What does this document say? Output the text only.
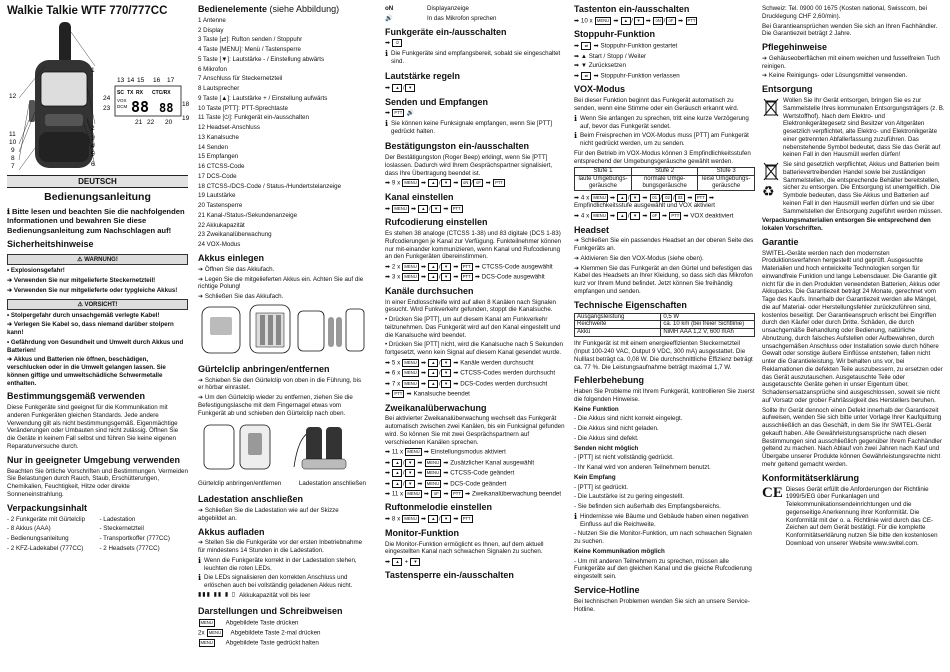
Walkie Talkie WTF 770/777CC
SC TX RX CTC/RX
VOX
DCM 88 88
1
2
3
4
5
6
7
8
9
10
11
12
13 14 15 16 17
18
19
20
21 22
23
24
DEUTSCH
Bedienungsanleitung
ℹ Bitte lesen und beachten Sie die nachfolgenden Informationen und bewahren Sie diese Bedienungsanleitung zum Nachschlagen auf!
Sicherheitshinweise
⚠ WARNUNG!
• Explosionsgefahr!
➔ Verwenden Sie nur mitgelieferte Steckernetzteil!
➔ Verwenden Sie nur mitgelieferte oder typgleiche Akkus!
⚠ VORSICHT!
• Stolpergefahr durch unsachgemäß verlegte Kabel!
➔ Verlegen Sie Kabel so, dass niemand darüber stolpern kann!
• Gefährdung von Gesundheit und Umwelt durch Akkus und Batterien!
➔ Akkus und Batterien nie öffnen, beschädigen, verschlucken oder in die Umwelt gelangen lassen. Sie können giftige und umweltschädliche Schwermetalle enthalten.
Bestimmungsgemäß verwenden

Diese Funkgeräte sind geeignet für die Kommunikation mit anderen Funkgeräten gleichen Standards. Jede andere Verwendung gilt als nicht bestimmungsgemäß. Eigenmächtige Veränderungen oder Umbauten sind nicht zulässig. Öffnen Sie die Geräte in keinem Fall selbst und führen Sie keine eigenen Reparaturversuche durch.

Nur in geeigneter Umgebung verwenden

Beachten Sie örtliche Vorschriften und Bestimmungen. Vermeiden Sie Belastungen durch Rauch, Staub, Erschütterungen, Chemikalien, Feuchtigkeit, Hitze oder direkte Sonneneinstrahlung.

Verpackungsinhalt
- 2 Funkgeräte mit Gürtelclip
- 8 Akkus (AAA)
- Bedienungsanleitung
- 2 KFZ-Ladekabel (777CC)
- Ladestation
- Steckernetzteil
- Transportkoffer (777CC)
- 2 Headsets (777CC)
Bedienelemente (siehe Abbildung)
1 Antenne
2 Display
3 Taste [⇄]: Rufton senden / Stoppuhr
4 Taste [MENU]: Menü / Tastensperre
5 Taste [▼]: Lautstärke - / Einstellung abwärts
6 Mikrofon
7 Anschluss für Steckernetzteil
8 Lautsprecher
9 Taste [▲]: Lautstärke + / Einstellung aufwärts
10 Taste [PTT]: PTT-Sprechtaste
11 Taste [⏻]: Funkgerät ein-/ausschalten
12 Headset-Anschluss
13 Kanalsuche
14 Senden
15 Empfangen
16 CTCSS-Code
17 DCS-Code
18 CTCSS-/DCS-Code / Status-/Hundertstelanzeige
19 Lautstärke
20 Tastensperre
21 Kanal-/Status-/Sekundenanzeige
22 Akkukapazität
23 Zweikanalüberwachung
24 VOX-Modus
Akkus einlegen
➔ Öffnen Sie das Akkufach.
➔ Legen Sie die mitgelieferten Akkus ein. Achten Sie auf die richtige Polung!
➔ Schließen Sie das Akkufach.
Gürtelclip anbringen/entfernen
➔ Schieben Sie den Gürtelclip von oben in die Führung, bis er hörbar einrastet.
➔ Um den Gürtelclip wieder zu entfernen, ziehen Sie die Befestigungslasche mit dem Fingernagel etwas vom Funkgerät ab und schieben den Gürtelclip nach oben.
Gürtelclip anbringen/entfernen	Ladestation anschließen
Ladestation anschließen

➔ Schließen Sie die Ladestation wie auf der Skizze abgebildet an.

Akkus aufladen

➔ Stellen Sie die Funkgeräte vor der ersten Inbetriebnahme für mindestens 14 Stunden in die Ladestation.

ℹ Wenn die Funkgeräte korrekt in der Ladestation stehen, leuchten die roten LEDs.

ℹ Die LEDs signalisieren den korrekten Anschluss und erlöschen auch bei vollständig geladenen Akkus nicht.

▮▮▮ ▮▮ ▮ ▯ Akkukapazität voll bis leer

Darstellungen und Schreibweisen
MENU Abgebildete Taste drücken
2x MENU Abgebildete Taste 2-mal drücken
MENU Abgebildete Taste gedrückt halten
oN	Displayanzeige
🔊	In das Mikrofon sprechen
Funkgeräte ein-/ausschalten
➡ ⏻
ℹ Die Funkgeräte sind empfangsbereit, sobald sie eingeschaltet sind.

Lautstärke regeln
➡ ▲ / ▼
Senden und Empfangen
➡ PTT 🔊
ℹ Sie können keine Funksignale empfangen, wenn Sie [PTT] gedrückt halten.

Bestätigungston ein-/ausschalten

Der Bestätigungston (Roger Beep) erklingt, wenn Sie [PTT] loslassen. Dadurch wird Ihrem Gesprächspartner signalisiert, dass Ihre Übertragung beendet ist.

➡ 9 x MENU ➡ ▲ / ▼ ➡ oN / oF ➡ PTT
Kanal einstellen
➡ MENU ➡ ▲ / ▼ ➡ PTT
Rufcodierung einstellen

Es stehen 38 analoge (CTCSS 1-38) und 83 digitale (DCS 1-83) Rufcodierungen je Kanal zur Verfügung. Funkteilnehmer können nur mit-einander kommunizieren, wenn Kanal und Rufcodierung an den Funkgeräten übereinstimmen.

➡ 2 x MENU ➡ ▲ / ▼ ➡ PTT ➡ CTCSS-Code ausgewählt
➡ 3 x MENU ➡ ▲ / ▼ ➡ PTT ➡ DCS-Code ausgewählt
Kanäle durchsuchen

In einer Endlosschleife wird auf allen 8 Kanälen nach Signalen gesucht. Wird Funkverkehr gefunden, stoppt die Kanalsuche.

• Drücken Sie [PTT], um auf diesem Kanal am Funkverkehr teilzunehmen. Das Funkgerät wird auf den Kanal eingestellt und die Kanalsuche wird beendet.

• Drücken Sie [PTT] nicht, wird die Kanalsuche nach 5 Sekunden fortgesetzt, wenn kein Signal auf diesem Kanal gesendet wurde.

➡ 5 x MENU ➡ ▲ / ▼ ➡ Kanäle werden durchsucht
➡ 6 x MENU ➡ ▲ / ▼ ➡ CTCSS-Codes werden durchsucht
➡ 7 x MENU ➡ ▲ / ▼ ➡ DCS-Codes werden durchsucht
➡ PTT ➡ Kanalsuche beendet
Zweikanalüberwachung

Bei aktivierter Zweikanalüberwachung wechselt das Funkgerät automatisch zwischen zwei Kanälen, bis ein Funksignal gefunden wird. So können Sie mit zwei Gesprächspartnern auf verschiedenen Kanälen sprechen.

➡ 11 x MENU ➡ Einstellungsmodus aktiviert
➡ ▲ / ▼ ➡ MENU ➡ Zusätzlicher Kanal ausgewählt
➡ ▲ / ▼ ➡ MENU ➡ CTCSS-Code geändert
➡ ▲ / ▼ ➡ MENU ➡ DCS-Code geändert
➡ 11 x MENU ➡ oF ➡ PTT ➡ Zweikanalüberwachung beendet
Ruftonmelodie einstellen
➡ 8 x MENU ➡ ▲ / ▼ ➡ PTT
Monitor-Funktion

Die Monitor-Funktion ermöglicht es Ihnen, auf dem aktuell eingestellten Kanal nach schwachen Signalen zu suchen.

➡ ▲ + ▼
Tastensperre ein-/ausschalten
Tastenton ein-/ausschalten
➡ 10 x MENU ➡ ▲ / ▼ ➡ oN / oF ➡ PTT
Stoppuhr-Funktion
➡ ⇄ ➡ Stoppuhr-Funktion gestartet
➡ ▲ Start / Stopp / Weiter
➡ ▼ Zurücksetzen
➡ ⇄ ➡ Stoppuhr-Funktion verlassen
VOX-Modus

Bei dieser Funktion beginnt das Funkgerät automatisch zu senden, wenn eine Stimme oder ein Geräusch erkannt wird.

ℹ Wenn Sie anfangen zu sprechen, tritt eine kurze Verzögerung auf, bevor das Funkgerät sendet.

ℹ Beim Freisprechen im VOX-Modus muss [PTT] am Funkgerät nicht gedrückt werden, um zu senden.

Für den Betrieb im VOX-Modus können 3 Empfindlichkeitsstufen entsprechend der Umgebungsgeräusche gewählt werden.

Stufe 1	Stufe 2	Stufe 3
laute Umgebungs-geräusche	normale Umge-bungsgeräusche	leise Umgebungs-geräusche
➡ 4 x MENU ➡ ▲ / ▼ ➡ 01 / 02 / 03 ➡ PTT ➡ Empfindlichkeitsstufe ausgewählt und VOX aktiviert
➡ 4 x MENU ➡ ▲ / ▼ ➡ oF ➡ PTT ➡ VOX deaktiviert
Headset
➔ Schließen Sie ein passendes Headset an der oberen Seite des Funkgeräts an.
➔ Aktivieren Sie den VOX-Modus (siehe oben).
➔ Klemmen Sie das Funkgerät an den Gürtel und befestigen das Kabel des Headsets an Ihrer Kleidung, so dass sich das Mikrofon kurz vor Ihrem Mund befindet. Jetzt können Sie freihändig empfangen und senden.
Technische Eigenschaften
Ausgangsleistung	0,5 W
Reichweite	ca. 10 km (bei freier Sichtlinie)
Akku	NiMH AAA 1,2 V, 600 mAh

Ihr Funkgerät ist mit einem energieeffizienten Steckernetzteil (Input 100-240 VAC, Output 9 VDC, 300 mA) ausgestattet. Die Nulllast beträgt ca. 0,08 W. Die durchschnittliche Effizienz beträgt ca. 77 %. Die Leistungsaufnahme beträgt maximal 1,7 W.

Fehlerbehebung

Haben Sie Probleme mit Ihrem Funkgerät, kontrollieren Sie zuerst die folgenden Hinweise.

Keine Funktion

- Die Akkus sind nicht korrekt eingelegt.
- Die Akkus sind nicht geladen.
- Die Akkus sind defekt.

Senden nicht möglich

- [PTT] ist nicht vollständig gedrückt.
- Ihr Kanal wird von anderen Teilnehmern benutzt.

Kein Empfang

- [PTT] ist gedrückt.
- Die Lautstärke ist zu gering eingestellt.
- Sie befinden sich außerhalb des Empfangsbereichs.
ℹ Hindernisse wie Bäume und Gebäude haben einen negativen Einfluss auf die Reichweite.

- Nutzen Sie die Monitor-Funktion, um nach schwachen Signalen zu suchen.

Keine Kommunikation möglich

- Um mit anderen Teilnehmern zu sprechen, müssen alle Funkgeräte auf den gleichen Kanal und die gleiche Rufcodierung eingestellt sein.

Service-Hotline

Bei technischen Problemen wenden Sie sich an unsere Service-Hotline.

Schweiz: Tel. 0900 00 1675 (Kosten national, Swisscom, bei Drucklegung CHF 2,60/min).

Bei Garantieansprüchen wenden Sie sich an Ihren Fachhändler. Die Garantiezeit beträgt 2 Jahre.

Pflegehinweise
➔ Gehäuseoberflächen mit einem weichen und fusselfreien Tuch reinigen.
➔ Keine Reinigungs- oder Lösungsmittel verwenden.
Entsorgung

Wollen Sie Ihr Gerät entsorgen, bringen Sie es zur Sammelstelle Ihres kommunalen Entsorgungsträgers (z. B. Wertstoffhof). Nach dem Elektro- und Elektronikgerätegesetz sind Besitzer von Altgeräten gesetzlich verpflichtet, alte Elektro- und Elektronikgeräte einer getrennten Abfallerfassung zuzuführen. Das nebenstehende Symbol bedeutet, dass Sie das Gerät auf keinen Fall in den Hausmüll werfen dürfen!

♻

Sie sind gesetzlich verpflichtet, Akkus und Batterien beim batterievertreibenden Handel sowie bei zuständigen Sammelstellen, die entsprechende Behälter bereitstellen, sicher zu entsorgen. Die Entsorgung ist unentgeltlich. Die Symbole bedeuten, dass Sie Akkus und Batterien auf keinen Fall in den Hausmüll werfen dürfen und sie über Sammelstellen der Entsorgung zugeführt werden müssen.

Verpackungsmaterialien entsorgen Sie entsprechend den lokalen Vorschriften.

Garantie

SWITEL-Geräte werden nach den modernsten Produktionsverfahren hergestellt und geprüft. Ausgesuchte Materialien und hoch entwickelte Technologien sorgen für einwandfreie Funktion und lange Lebensdauer. Die Garantie gilt nicht für die in den Produkten verwendeten Batterien, Akkus oder Akkupacks. Die Garantiezeit beträgt 24 Monate, gerechnet vom Tage des Kaufs. Innerhalb der Garantiezeit werden alle Mängel, die auf Material- oder Herstellungsfehler zurückzuführen sind, kostenlos beseitigt. Der Garantieanspruch erlischt bei Eingriffen durch den Käufer oder durch Dritte. Schäden, die durch unsachgemäße Behandlung oder Bedienung, natürliche Abnutzung, durch falsches Aufstellen oder Aufbewahren, durch unsachgemäßen Anschluss oder Installation sowie durch höhere Gewalt oder sonstige äußere Einflüsse entstehen, fallen nicht unter die Garantieleistung. Wir behalten uns vor, bei Reklamationen die defekten Teile auszubessern, zu ersetzen oder das Gerät auszutauschen. Ausgetauschte Teile oder ausgetauschte Geräte gehen in unser Eigentum über. Schadensersatzansprüche sind ausgeschlossen, soweit sie nicht auf Vorsatz oder grober Fahrlässigkeit des Herstellers beruhen.

Sollte Ihr Gerät dennoch einen Defekt innerhalb der Garantiezeit aufweisen, wenden Sie sich bitte unter Vorlage Ihrer Kaufquittung ausschließlich an das Geschäft, in dem Sie Ihr SWITEL-Gerät gekauft haben. Alle Gewährleistungsansprüche nach diesen Bestimmungen sind ausschließlich gegenüber Ihrem Fachhändler geltend zu machen. Nach Ablauf von zwei Jahren nach Kauf und Übergabe unserer Produkte können Gewährleistungsrechte nicht mehr geltend gemacht werden.

Konformitätserklärung
CE Dieses Gerät erfüllt die Anforderungen der Richtlinie 1999/5/EG über Funkanlagen und Telekommunikationsendeinrichtungen und die gegenseitige Anerkennung ihrer Konformität. Die Konformität mit der o. a. Richtlinie wird durch das CE-Zeichen auf dem Gerät bestätigt. Für die komplette Konformitätserklärung nutzen Sie bitte den kostenlosen Download von unserer Website www.switel.com.
